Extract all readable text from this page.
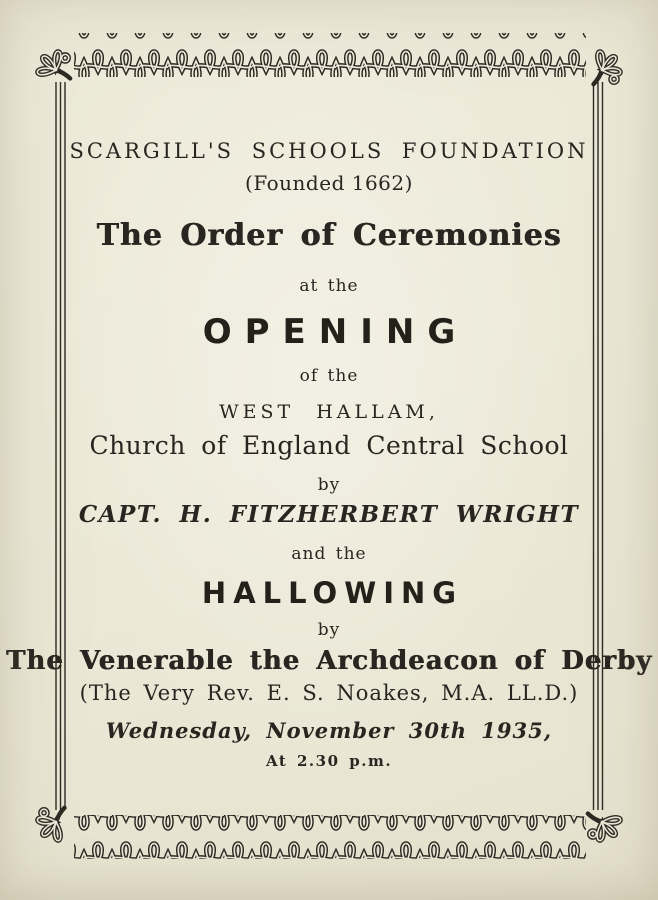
SCARGILL'S SCHOOLS FOUNDATION
(Founded 1662)
The Order of Ceremonies
at the
OPENING
of the
WEST HALLAM,
Church of England Central School
by
CAPT. H. FITZHERBERT WRIGHT
and the
HALLOWING
by
The Venerable the Archdeacon of Derby
(The Very Rev. E. S. Noakes, M.A. LL.D.)
Wednesday, November 30th 1935,
At 2.30 p.m.
